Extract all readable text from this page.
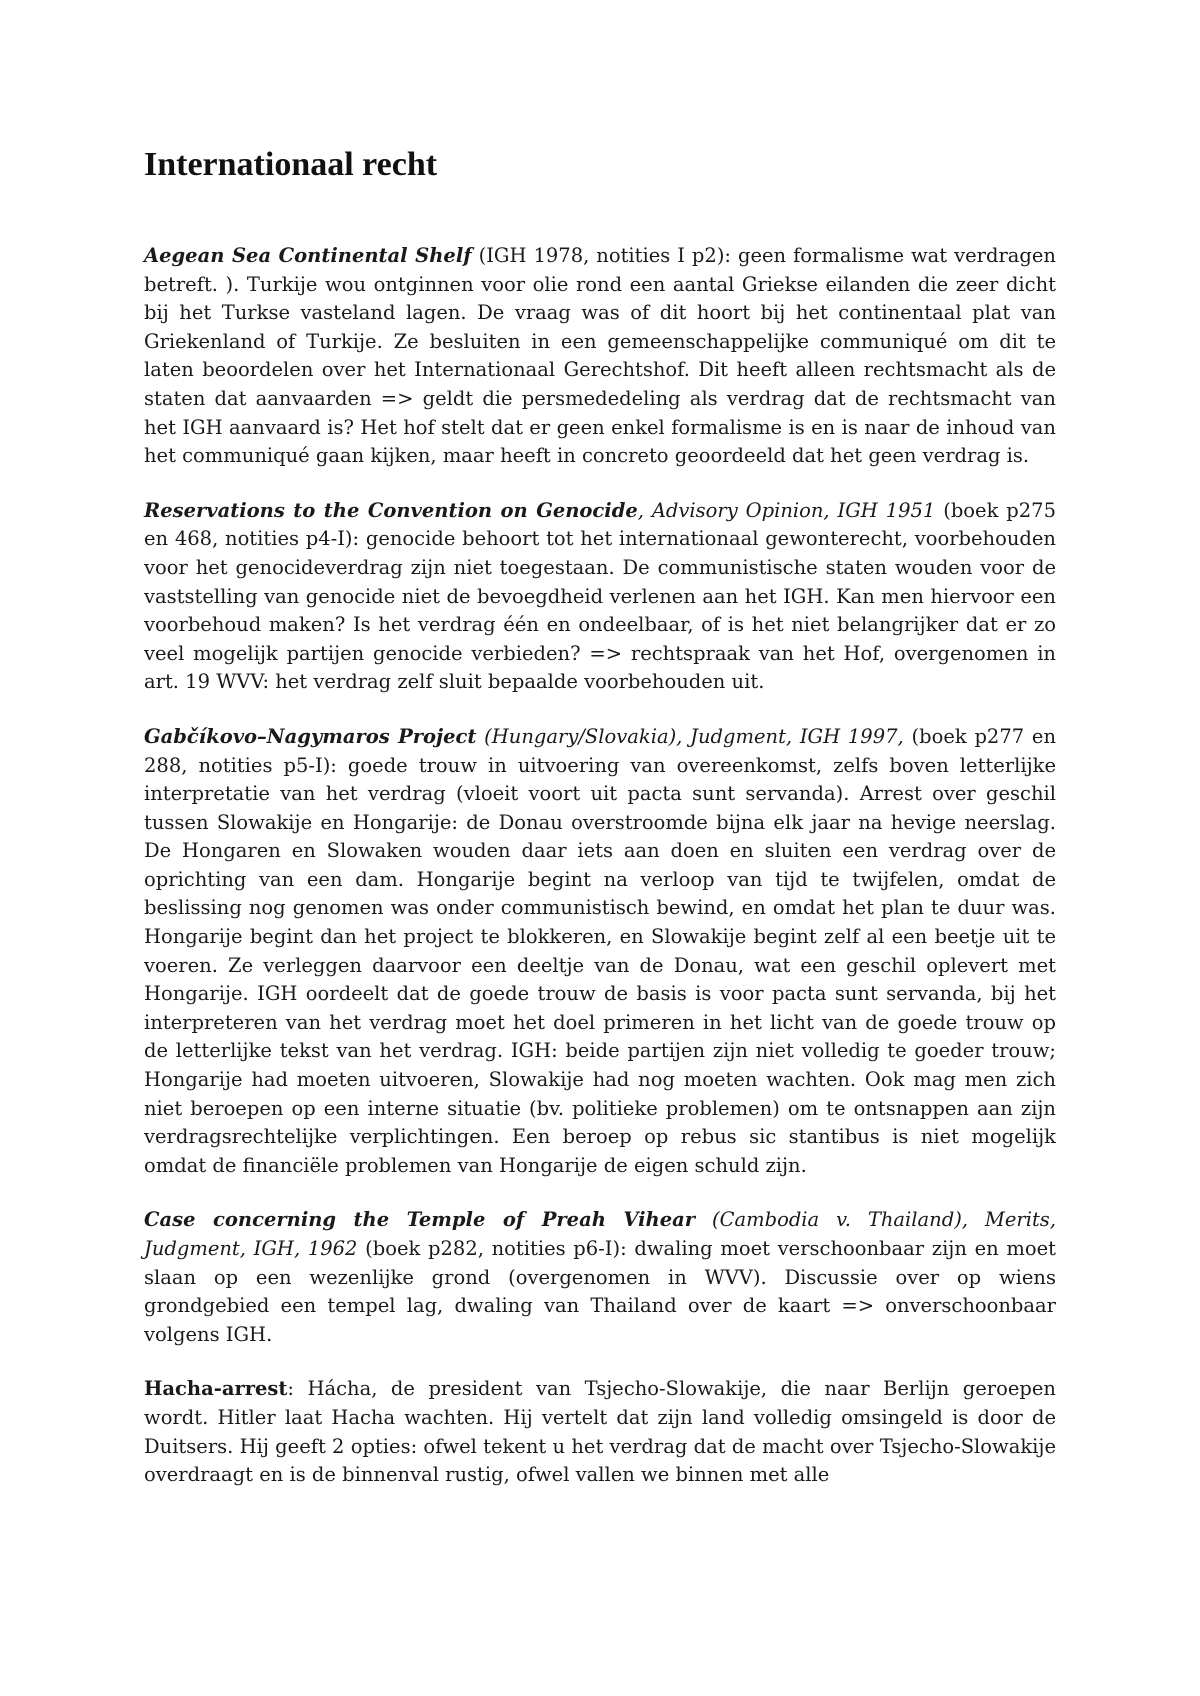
Internationaal recht

Aegean Sea Continental Shelf (IGH 1978, notities I p2): geen formalisme wat verdragen betreft. ). Turkije wou ontginnen voor olie rond een aantal Griekse eilanden die zeer dicht bij het Turkse vasteland lagen. De vraag was of dit hoort bij het continentaal plat van Griekenland of Turkije. Ze besluiten in een gemeenschappelijke communiqué om dit te laten beoordelen over het Internationaal Gerechtshof. Dit heeft alleen rechtsmacht als de staten dat aanvaarden => geldt die persmededeling als verdrag dat de rechtsmacht van het IGH aanvaard is? Het hof stelt dat er geen enkel formalisme is en is naar de inhoud van het communiqué gaan kijken, maar heeft in concreto geoordeeld dat het geen verdrag is.

Reservations to the Convention on Genocide, Advisory Opinion, IGH 1951 (boek p275 en 468, notities p4-I): genocide behoort tot het internationaal gewonterecht, voorbehouden voor het genocideverdrag zijn niet toegestaan. De communistische staten wouden voor de vaststelling van genocide niet de bevoegdheid verlenen aan het IGH. Kan men hiervoor een voorbehoud maken? Is het verdrag één en ondeelbaar, of is het niet belangrijker dat er zo veel mogelijk partijen genocide verbieden? => rechtspraak van het Hof, overgenomen in art. 19 WVV: het verdrag zelf sluit bepaalde voorbehouden uit.

Gabčíkovo–Nagymaros Project (Hungary/Slovakia), Judgment, IGH 1997, (boek p277 en 288, notities p5-I): goede trouw in uitvoering van overeenkomst, zelfs boven letterlijke interpretatie van het verdrag (vloeit voort uit pacta sunt servanda). Arrest over geschil tussen Slowakije en Hongarije: de Donau overstroomde bijna elk jaar na hevige neerslag. De Hongaren en Slowaken wouden daar iets aan doen en sluiten een verdrag over de oprichting van een dam. Hongarije begint na verloop van tijd te twijfelen, omdat de beslissing nog genomen was onder communistisch bewind, en omdat het plan te duur was. Hongarije begint dan het project te blokkeren, en Slowakije begint zelf al een beetje uit te voeren. Ze verleggen daarvoor een deeltje van de Donau, wat een geschil oplevert met Hongarije. IGH oordeelt dat de goede trouw de basis is voor pacta sunt servanda, bij het interpreteren van het verdrag moet het doel primeren in het licht van de goede trouw op de letterlijke tekst van het verdrag. IGH: beide partijen zijn niet volledig te goeder trouw; Hongarije had moeten uitvoeren, Slowakije had nog moeten wachten. Ook mag men zich niet beroepen op een interne situatie (bv. politieke problemen) om te ontsnappen aan zijn verdragsrechtelijke verplichtingen. Een beroep op rebus sic stantibus is niet mogelijk omdat de financiële problemen van Hongarije de eigen schuld zijn.

Case concerning the Temple of Preah Vihear (Cambodia v. Thailand), Merits, Judgment, IGH, 1962 (boek p282, notities p6-I): dwaling moet verschoonbaar zijn en moet slaan op een wezenlijke grond (overgenomen in WVV). Discussie over op wiens grondgebied een tempel lag, dwaling van Thailand over de kaart => onverschoonbaar volgens IGH.

Hacha-arrest: Hácha, de president van Tsjecho-Slowakije, die naar Berlijn geroepen wordt. Hitler laat Hacha wachten. Hij vertelt dat zijn land volledig omsingeld is door de Duitsers. Hij geeft 2 opties: ofwel tekent u het verdrag dat de macht over Tsjecho-Slowakije overdraagt en is de binnenval rustig, ofwel vallen we binnen met alle
